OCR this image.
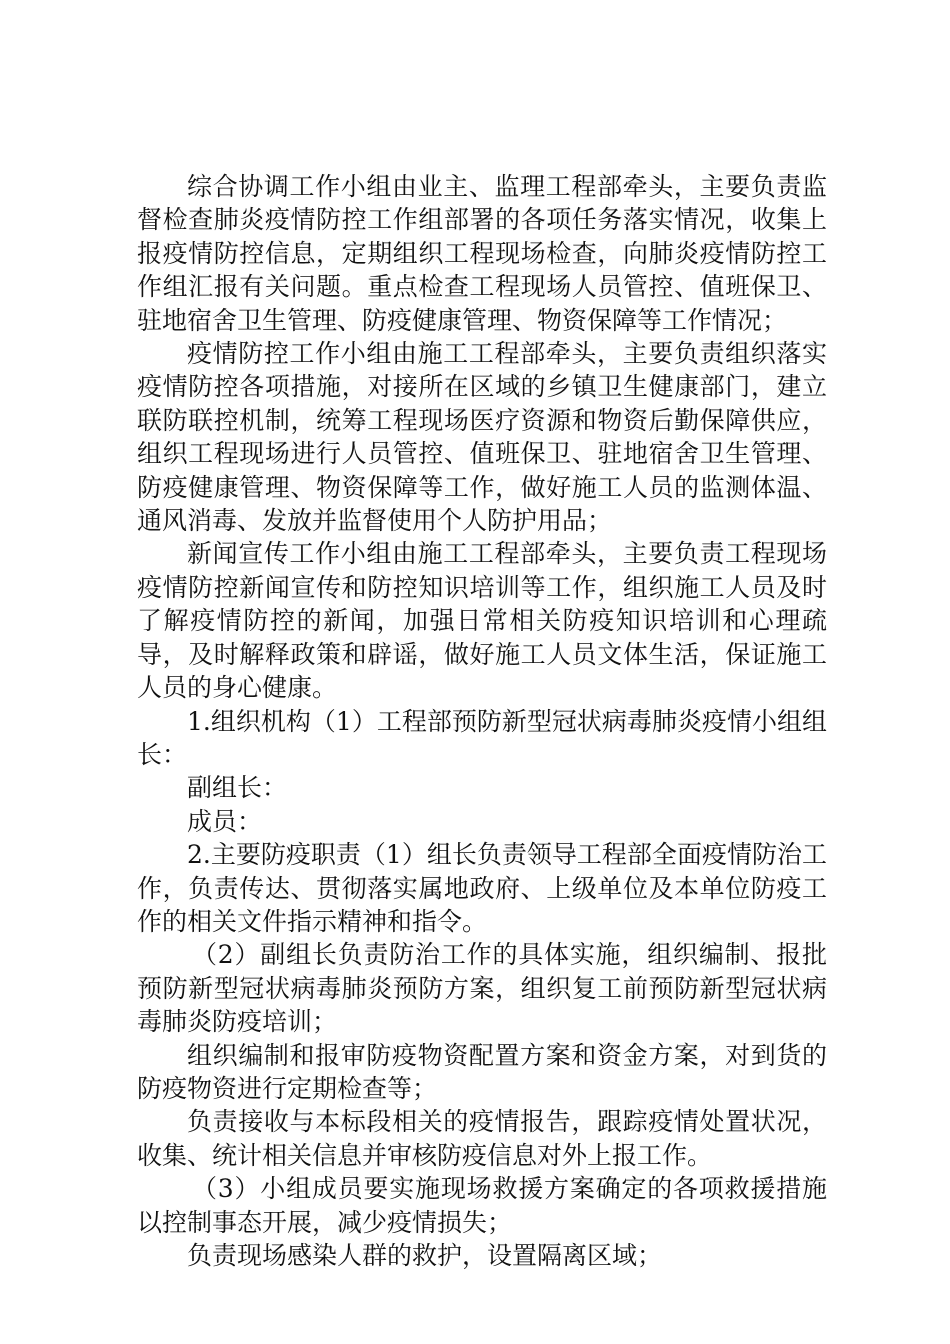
综合协调工作小组由业主、监理工程部牵头，主要负责监督检查肺炎疫情防控工作组部署的各项任务落实情况，收集上报疫情防控信息，定期组织工程现场检查，向肺炎疫情防控工作组汇报有关问题。重点检查工程现场人员管控、值班保卫、驻地宿舍卫生管理、防疫健康管理、物资保障等工作情况；

疫情防控工作小组由施工工程部牵头，主要负责组织落实疫情防控各项措施，对接所在区域的乡镇卫生健康部门，建立联防联控机制，统筹工程现场医疗资源和物资后勤保障供应，组织工程现场进行人员管控、值班保卫、驻地宿舍卫生管理、防疫健康管理、物资保障等工作，做好施工人员的监测体温、通风消毒、发放并监督使用个人防护用品；

新闻宣传工作小组由施工工程部牵头，主要负责工程现场疫情防控新闻宣传和防控知识培训等工作，组织施工人员及时了解疫情防控的新闻，加强日常相关防疫知识培训和心理疏导，及时解释政策和辟谣，做好施工人员文体生活，保证施工人员的身心健康。

1.组织机构（1）工程部预防新型冠状病毒肺炎疫情小组组长：

副组长：

成员：

2.主要防疫职责（1）组长负责领导工程部全面疫情防治工作，负责传达、贯彻落实属地政府、上级单位及本单位防疫工作的相关文件指示精神和指令。

（2）副组长负责防治工作的具体实施，组织编制、报批预防新型冠状病毒肺炎预防方案，组织复工前预防新型冠状病毒肺炎防疫培训；

组织编制和报审防疫物资配置方案和资金方案，对到货的防疫物资进行定期检查等；

负责接收与本标段相关的疫情报告，跟踪疫情处置状况，收集、统计相关信息并审核防疫信息对外上报工作。

（3）小组成员要实施现场救援方案确定的各项救援措施以控制事态开展，减少疫情损失；

负责现场感染人群的救护，设置隔离区域；
